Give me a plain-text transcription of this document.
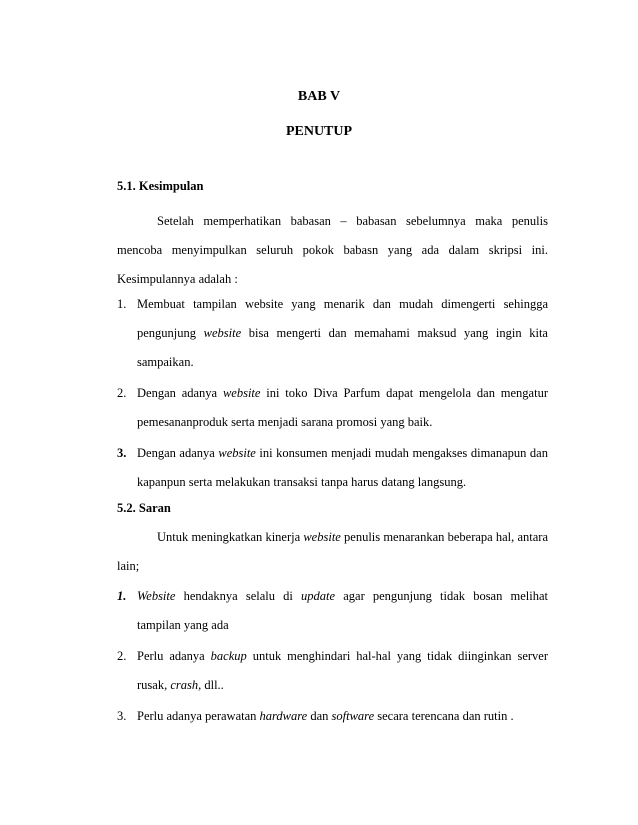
BAB V
PENUTUP
5.1. Kesimpulan

Setelah memperhatikan babasan – babasan sebelumnya maka penulis mencoba menyimpulkan seluruh pokok babasn yang ada dalam skripsi ini. Kesimpulannya adalah :

1. Membuat tampilan website yang menarik dan mudah dimengerti sehingga pengunjung website bisa mengerti dan memahami maksud yang ingin kita sampaikan.
2. Dengan adanya website ini toko Diva Parfum dapat mengelola dan mengatur pemesananproduk serta menjadi sarana promosi yang baik.
3. Dengan adanya website ini konsumen menjadi mudah mengakses dimanapun dan kapanpun serta melakukan transaksi tanpa harus datang langsung.
5.2. Saran

Untuk meningkatkan kinerja website penulis menarankan beberapa hal, antara lain;

1. Website hendaknya selalu di update agar pengunjung tidak bosan melihat tampilan yang ada
2. Perlu adanya backup untuk menghindari hal-hal yang tidak diinginkan server rusak, crash, dll..
3. Perlu adanya perawatan hardware dan software secara terencana dan rutin .
